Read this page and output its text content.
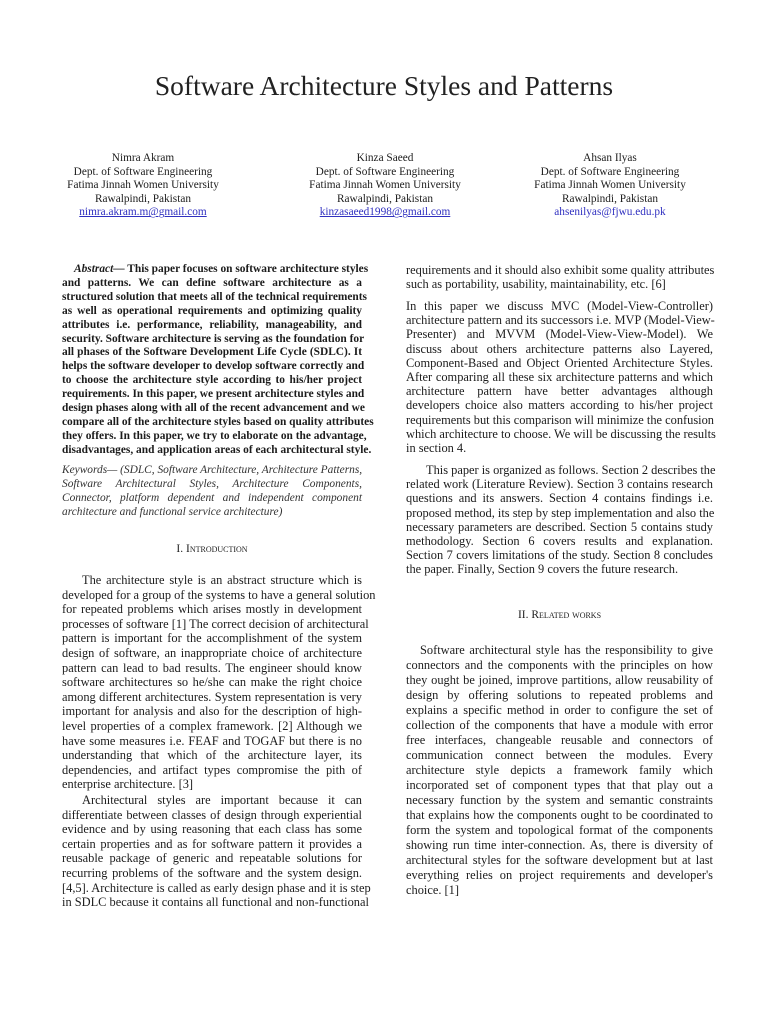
Software Architecture Styles and Patterns
Nimra Akram
Dept. of Software Engineering
Fatima Jinnah Women University
Rawalpindi, Pakistan
nimra.akram.m@gmail.com
Kinza Saeed
Dept. of Software Engineering
Fatima Jinnah Women University
Rawalpindi, Pakistan
kinzasaeed1998@gmail.com
Ahsan Ilyas
Dept. of Software Engineering
Fatima Jinnah Women University
Rawalpindi, Pakistan
ahsenilyas@fjwu.edu.pk
Abstract— This paper focuses on software architecture styles
and patterns. We can define software architecture as a
structured solution that meets all of the technical requirements
as well as operational requirements and optimizing quality
attributes i.e. performance, reliability, manageability, and
security. Software architecture is serving as the foundation for
all phases of the Software Development Life Cycle (SDLC). It
helps the software developer to develop software correctly and
to choose the architecture style according to his/her project
requirements. In this paper, we present architecture styles and
design phases along with all of the recent advancement and we
compare all of the architecture styles based on quality attributes
they offers. In this paper, we try to elaborate on the advantage,
disadvantages, and application areas of each architectural style.
Keywords— (SDLC, Software Architecture, Architecture Patterns,
Software Architectural Styles, Architecture Components,
Connector, platform dependent and independent component
architecture and functional service architecture)
I. Introduction
The architecture style is an abstract structure which is
developed for a group of the systems to have a general solution
for repeated problems which arises mostly in development
processes of software [1] The correct decision of architectural
pattern is important for the accomplishment of the system
design of software, an inappropriate choice of architecture
pattern can lead to bad results. The engineer should know
software architectures so he/she can make the right choice
among different architectures. System representation is very
important for analysis and also for the description of high-
level properties of a complex framework. [2] Although we
have some measures i.e. FEAF and TOGAF but there is no
understanding that which of the architecture layer, its
dependencies, and artifact types compromise the pith of
enterprise architecture. [3]
Architectural styles are important because it can
differentiate between classes of design through experiential
evidence and by using reasoning that each class has some
certain properties and as for software pattern it provides a
reusable package of generic and repeatable solutions for
recurring problems of the software and the system design.
[4,5]. Architecture is called as early design phase and it is step
in SDLC because it contains all functional and non-functional
requirements and it should also exhibit some quality attributes
such as portability, usability, maintainability, etc. [6]
In this paper we discuss MVC (Model-View-Controller)
architecture pattern and its successors i.e. MVP (Model-View-
Presenter) and MVVM (Model-View-View-Model). We
discuss about others architecture patterns also Layered,
Component-Based and Object Oriented Architecture Styles.
After comparing all these six architecture patterns and which
architecture pattern have better advantages although
developers choice also matters according to his/her project
requirements but this comparison will minimize the confusion
which architecture to choose. We will be discussing the results
in section 4.
This paper is organized as follows. Section 2 describes the
related work (Literature Review). Section 3 contains research
questions and its answers. Section 4 contains findings i.e.
proposed method, its step by step implementation and also the
necessary parameters are described. Section 5 contains study
methodology. Section 6 covers results and explanation.
Section 7 covers limitations of the study. Section 8 concludes
the paper. Finally, Section 9 covers the future research.
II. Related works
Software architectural style has the responsibility to give
connectors and the components with the principles on how
they ought be joined, improve partitions, allow reusability of
design by offering solutions to repeated problems and
explains a specific method in order to configure the set of
collection of the components that have a module with error
free interfaces, changeable reusable and connectors of
communication connect between the modules. Every
architecture style depicts a framework family which
incorporated set of component types that that play out a
necessary function by the system and semantic constraints
that explains how the components ought to be coordinated to
form the system and topological format of the components
showing run time inter-connection. As, there is diversity of
architectural styles for the software development but at last
everything relies on project requirements and developer's
choice. [1]
